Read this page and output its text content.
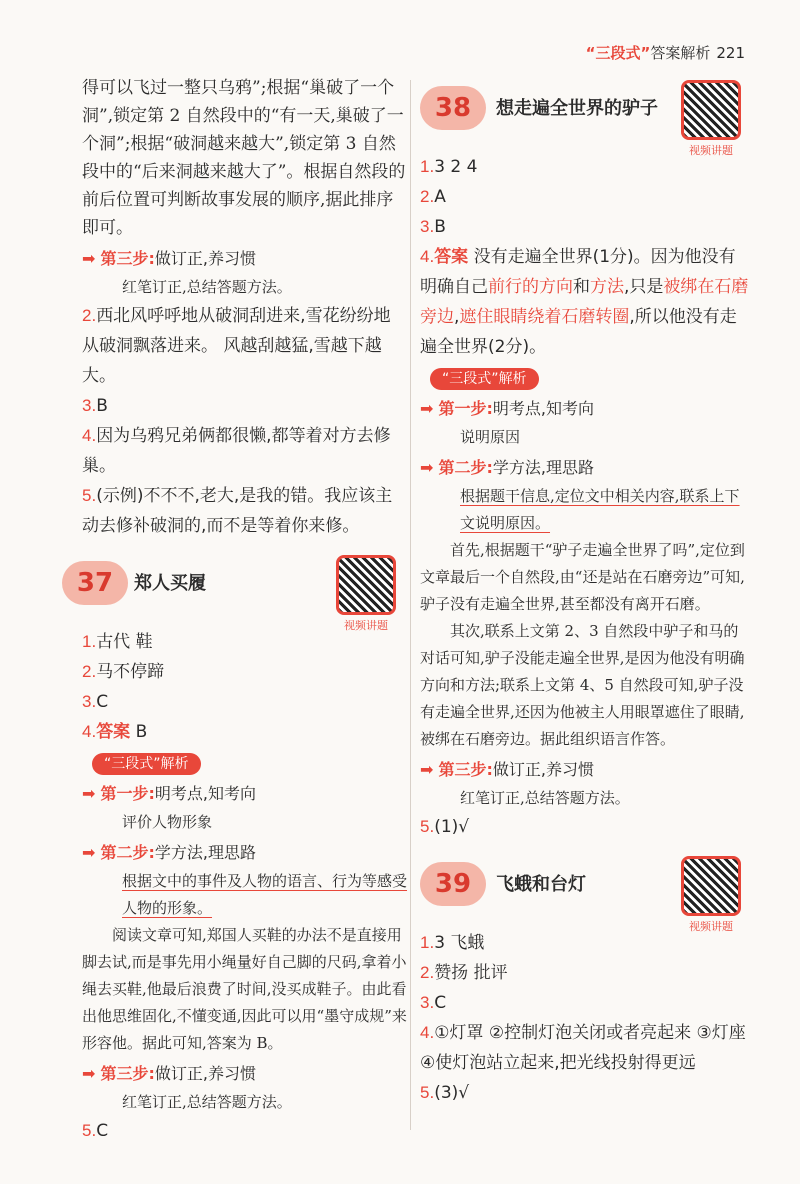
“三段式”答案解析 221

得可以飞过一整只乌鸦”;根据“巢破了一个洞”,锁定第 2 自然段中的“有一天,巢破了一个洞”;根据“破洞越来越大”,锁定第 3 自然段中的“后来洞越来越大了”。根据自然段的前后位置可判断故事发展的顺序,据此排序即可。

➡ 第三步:做订正,养习惯

红笔订正,总结答题方法。

2.西北风呼呼地从破洞刮进来,雪花纷纷地从破洞飘落进来。 风越刮越猛,雪越下越大。
3.B
4.因为乌鸦兄弟俩都很懒,都等着对方去修巢。
5.(示例)不不不,老大,是我的错。我应该主动去修补破洞的,而不是等着你来修。
37	郑人买履
视频讲题
1.古代 鞋
2.马不停蹄
3.C
4.答案 B
“三段式”解析
➡ 第一步:明考点,知考向

评价人物形象

➡ 第二步:学方法,理思路

根据文中的事件及人物的语言、行为等感受人物的形象。

阅读文章可知,郑国人买鞋的办法不是直接用脚去试,而是事先用小绳量好自己脚的尺码,拿着小绳去买鞋,他最后浪费了时间,没买成鞋子。由此看出他思维固化,不懂变通,因此可以用“墨守成规”来形容他。据此可知,答案为 B。

➡ 第三步:做订正,养习惯

红笔订正,总结答题方法。

5.C
38	想走遍全世界的驴子
视频讲题
1.3 2 4
2.A
3.B
4.答案 没有走遍全世界(1分)。因为他没有明确自己前行的方向和方法,只是被绑在石磨旁边,遮住眼睛绕着石磨转圈,所以他没有走遍全世界(2分)。
“三段式”解析
➡ 第一步:明考点,知考向

说明原因

➡ 第二步:学方法,理思路

根据题干信息,定位文中相关内容,联系上下文说明原因。

首先,根据题干“驴子走遍全世界了吗”,定位到文章最后一个自然段,由“还是站在石磨旁边”可知,驴子没有走遍全世界,甚至都没有离开石磨。

其次,联系上文第 2、3 自然段中驴子和马的对话可知,驴子没能走遍全世界,是因为他没有明确方向和方法;联系上文第 4、5 自然段可知,驴子没有走遍全世界,还因为他被主人用眼罩遮住了眼睛,被绑在石磨旁边。据此组织语言作答。

➡ 第三步:做订正,养习惯

红笔订正,总结答题方法。

5.(1)√
39	飞蛾和台灯
视频讲题
1.3 飞蛾
2.赞扬 批评
3.C
4.①灯罩 ②控制灯泡关闭或者亮起来 ③灯座 ④使灯泡站立起来,把光线投射得更远
5.(3)√
